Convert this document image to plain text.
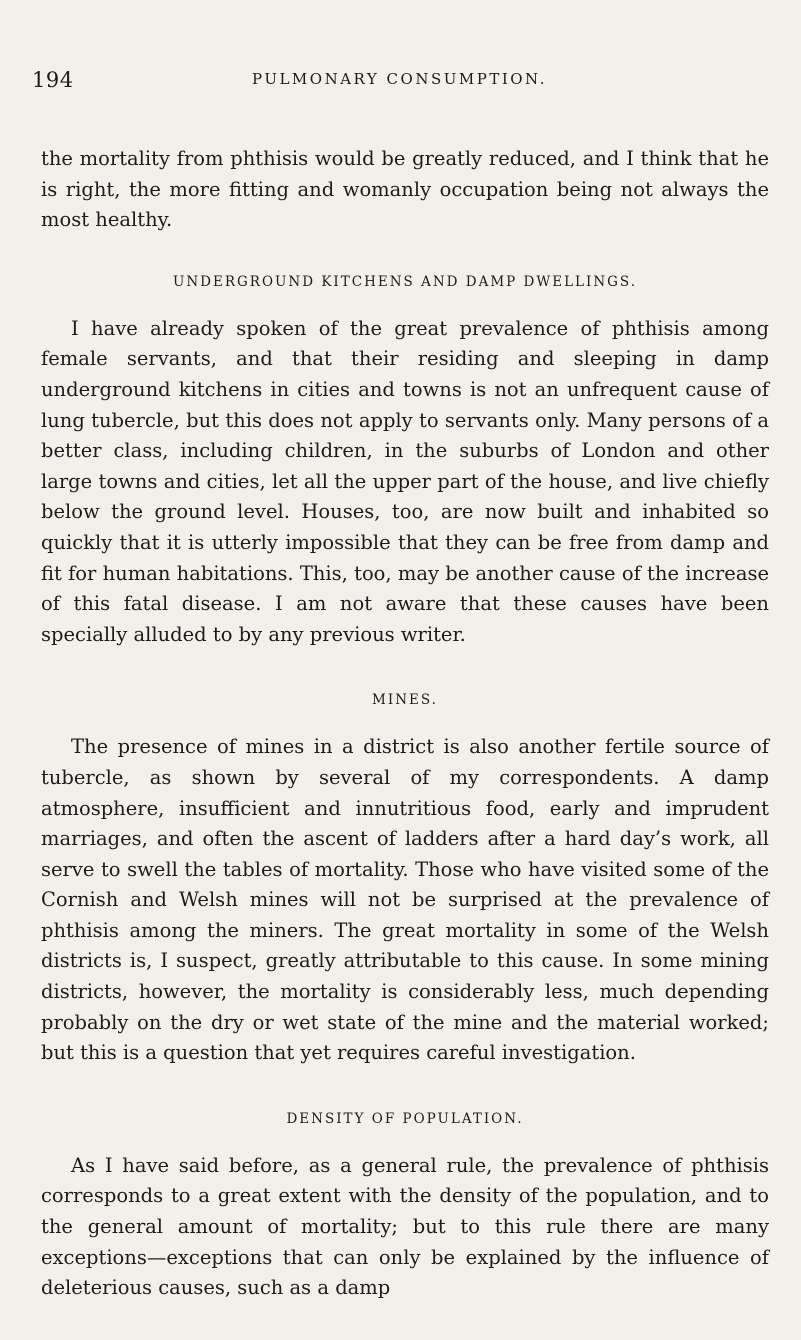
194	PULMONARY CONSUMPTION.

the mortality from phthisis would be greatly reduced, and I think that he is right, the more fitting and womanly occupation being not always the most healthy.

UNDERGROUND KITCHENS AND DAMP DWELLINGS.

I have already spoken of the great prevalence of phthisis among female servants, and that their residing and sleeping in damp underground kitchens in cities and towns is not an unfrequent cause of lung tubercle, but this does not apply to servants only. Many persons of a better class, including children, in the suburbs of London and other large towns and cities, let all the upper part of the house, and live chiefly below the ground level. Houses, too, are now built and inhabited so quickly that it is utterly impossible that they can be free from damp and fit for human habitations. This, too, may be another cause of the increase of this fatal disease. I am not aware that these causes have been specially alluded to by any previous writer.

MINES.

The presence of mines in a district is also another fertile source of tubercle, as shown by several of my correspondents. A damp atmosphere, insufficient and innutritious food, early and imprudent marriages, and often the ascent of ladders after a hard day’s work, all serve to swell the tables of mortality. Those who have visited some of the Cornish and Welsh mines will not be surprised at the prevalence of phthisis among the miners. The great mortality in some of the Welsh districts is, I suspect, greatly attributable to this cause. In some mining districts, however, the mortality is considerably less, much depending probably on the dry or wet state of the mine and the material worked; but this is a question that yet requires careful investigation.

DENSITY OF POPULATION.

As I have said before, as a general rule, the prevalence of phthisis corresponds to a great extent with the density of the population, and to the general amount of mortality; but to this rule there are many exceptions—exceptions that can only be explained by the influence of deleterious causes, such as a damp
